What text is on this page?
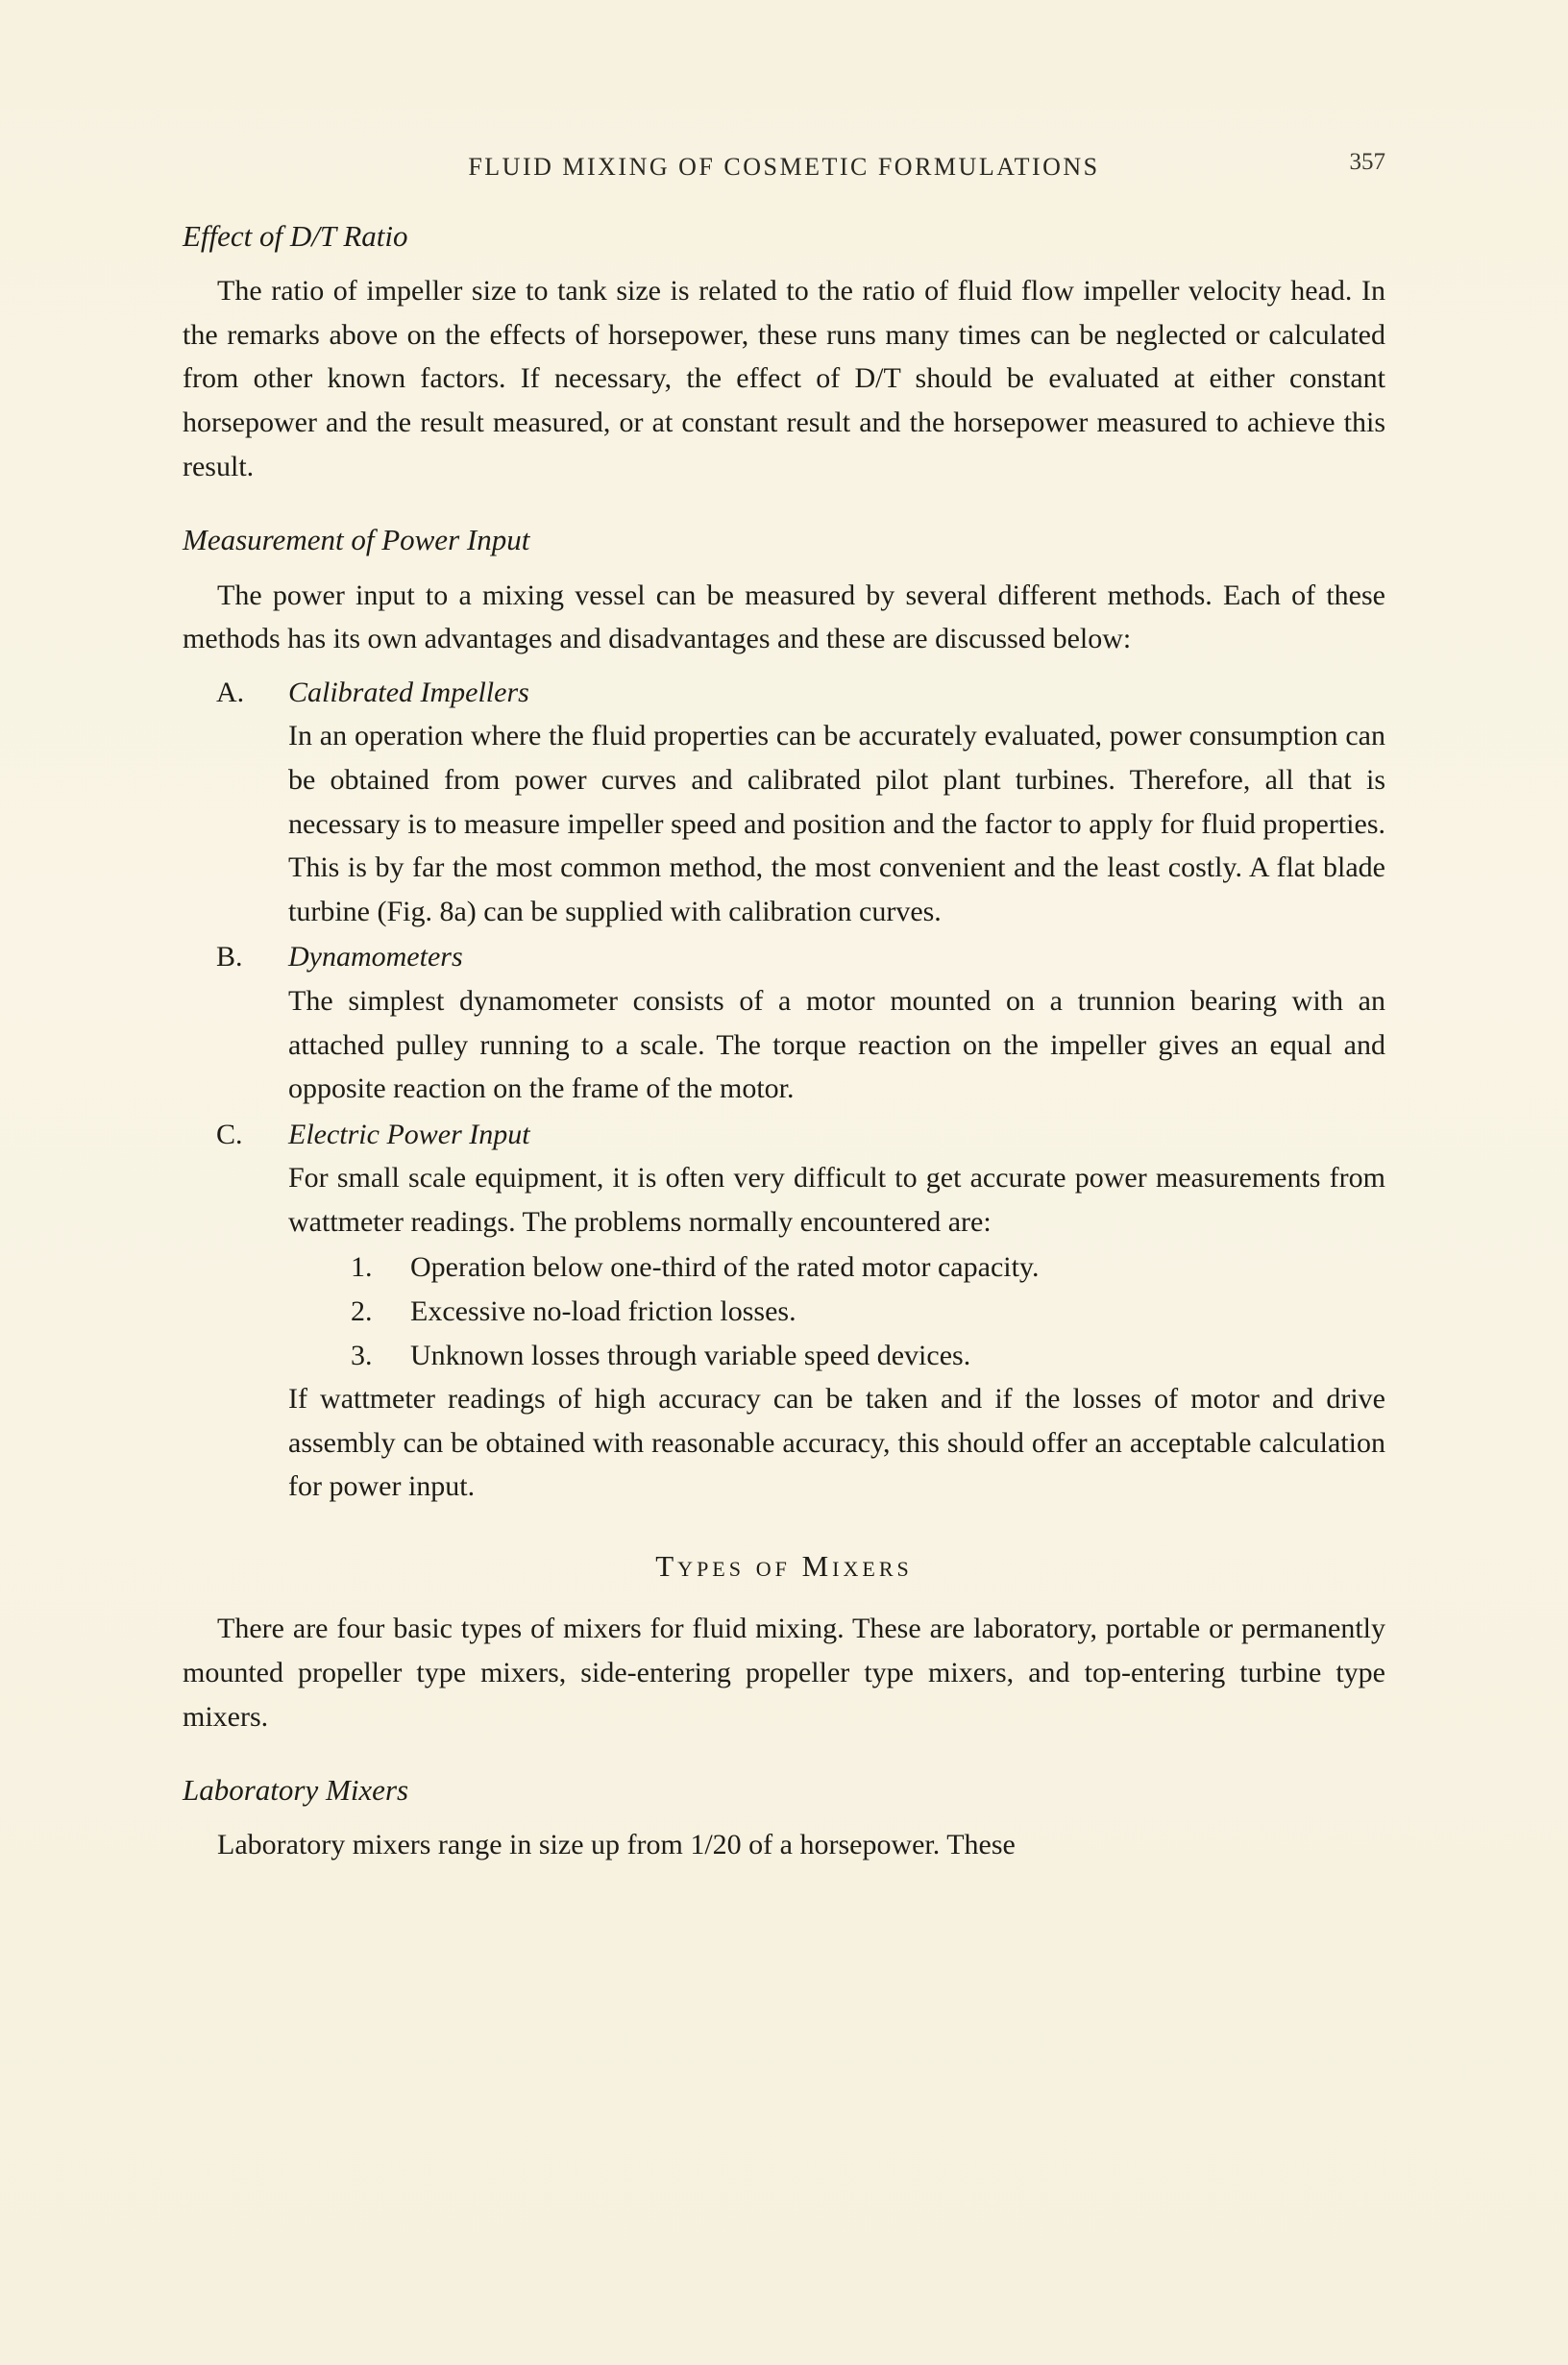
FLUID MIXING OF COSMETIC FORMULATIONS	357
Effect of D/T Ratio

The ratio of impeller size to tank size is related to the ratio of fluid flow impeller velocity head. In the remarks above on the effects of horsepower, these runs many times can be neglected or calculated from other known factors. If necessary, the effect of D/T should be evaluated at either constant horsepower and the result measured, or at constant result and the horsepower measured to achieve this result.

Measurement of Power Input

The power input to a mixing vessel can be measured by several different methods. Each of these methods has its own advantages and disadvantages and these are discussed below:

A. Calibrated Impellers

In an operation where the fluid properties can be accurately evaluated, power consumption can be obtained from power curves and calibrated pilot plant turbines. Therefore, all that is necessary is to measure impeller speed and position and the factor to apply for fluid properties. This is by far the most common method, the most convenient and the least costly. A flat blade turbine (Fig. 8a) can be supplied with calibration curves.

B. Dynamometers

The simplest dynamometer consists of a motor mounted on a trunnion bearing with an attached pulley running to a scale. The torque reaction on the impeller gives an equal and opposite reaction on the frame of the motor.

C. Electric Power Input

For small scale equipment, it is often very difficult to get accurate power measurements from wattmeter readings. The problems normally encountered are:

1. Operation below one-third of the rated motor capacity.
2. Excessive no-load friction losses.
3. Unknown losses through variable speed devices.

If wattmeter readings of high accuracy can be taken and if the losses of motor and drive assembly can be obtained with reasonable accuracy, this should offer an acceptable calculation for power input.

Types of Mixers

There are four basic types of mixers for fluid mixing. These are laboratory, portable or permanently mounted propeller type mixers, side-entering propeller type mixers, and top-entering turbine type mixers.

Laboratory Mixers

Laboratory mixers range in size up from 1/20 of a horsepower. These
